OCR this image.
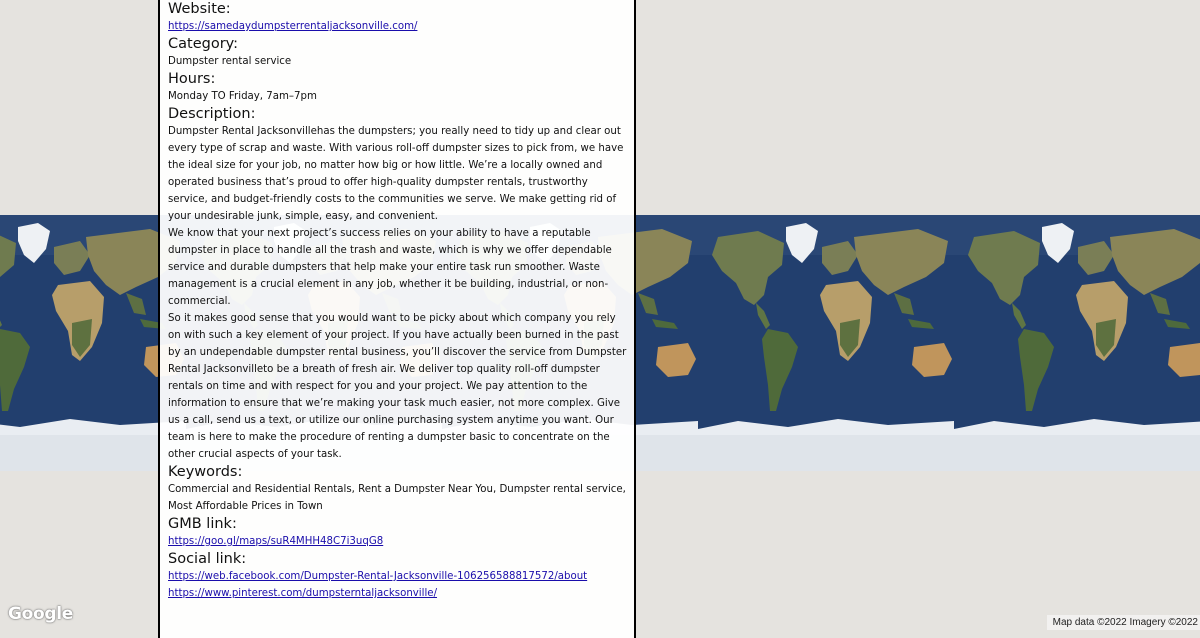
Google	Map data ©2022 Imagery ©2022
Website:
https://samedaydumpsterrentaljacksonville.com/
Category:
Dumpster rental service
Hours:
Monday TO Friday, 7am–7pm
Description:

Dumpster Rental Jacksonvillehas the dumpsters; you really need to tidy up and clear out every type of scrap and waste. With various roll-off dumpster sizes to pick from, we have the ideal size for your job, no matter how big or how little. We’re a locally owned and operated business that’s proud to offer high-quality dumpster rentals, trustworthy service, and budget-friendly costs to the communities we serve. We make getting rid of your undesirable junk, simple, easy, and convenient.

We know that your next project’s success relies on your ability to have a reputable dumpster in place to handle all the trash and waste, which is why we offer dependable service and durable dumpsters that help make your entire task run smoother. Waste management is a crucial element in any job, whether it be building, industrial, or non-commercial.

So it makes good sense that you would want to be picky about which company you rely on with such a key element of your project. If you have actually been burned in the past by an undependable dumpster rental business, you’ll discover the service from Dumpster Rental Jacksonvilleto be a breath of fresh air. We deliver top quality roll-off dumpster rentals on time and with respect for you and your project. We pay attention to the information to ensure that we’re making your task much easier, not more complex. Give us a call, send us a text, or utilize our online purchasing system anytime you want. Our team is here to make the procedure of renting a dumpster basic to concentrate on the other crucial aspects of your task.

Keywords:
Commercial and Residential Rentals, Rent a Dumpster Near You, Dumpster rental service, Most Affordable Prices in Town
GMB link:
https://goo.gl/maps/suR4MHH48C7i3uqG8
Social link:
https://web.facebook.com/Dumpster-Rental-Jacksonville-106256588817572/about
https://www.pinterest.com/dumpsterntaljacksonville/
